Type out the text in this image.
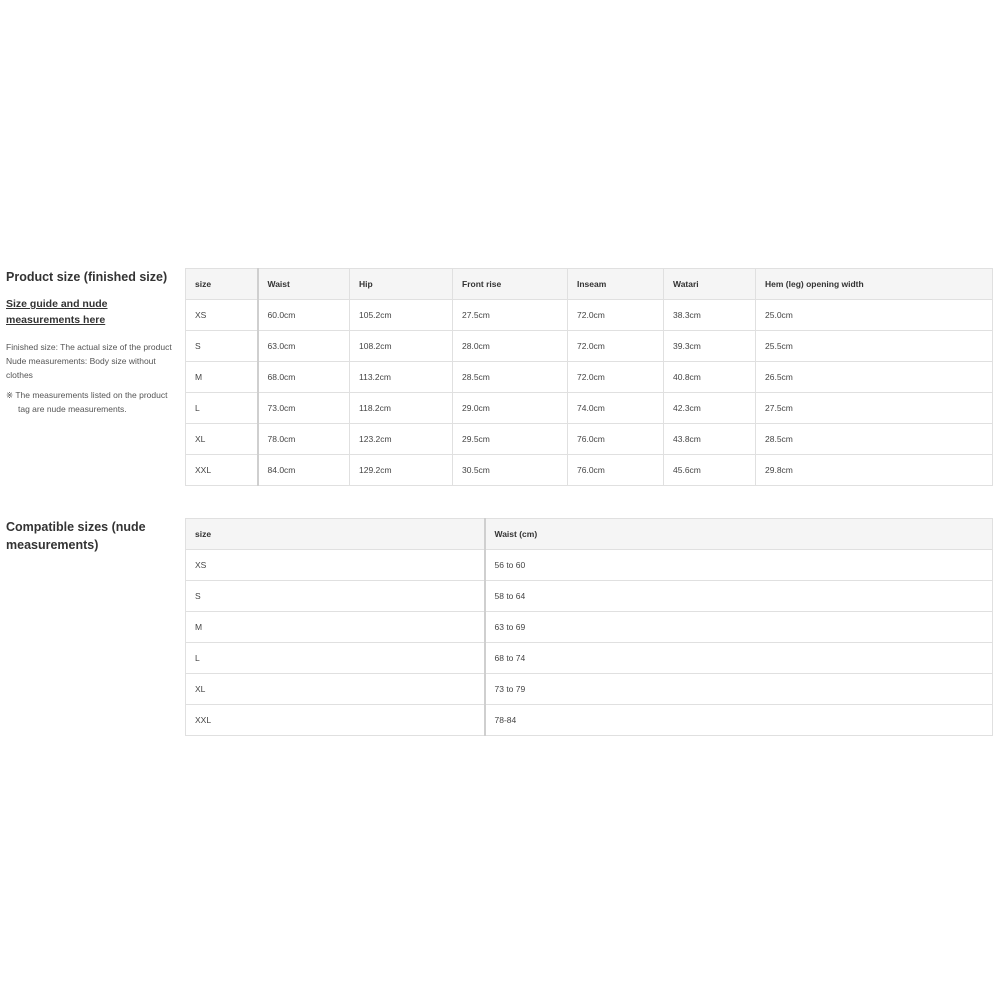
Product size (finished size)
Size guide and nude measurements here

Finished size: The actual size of the product

Nude measurements: Body size without clothes

※ The measurements listed on the product tag are nude measurements.
size	Waist	Hip	Front rise	Inseam	Watari	Hem (leg) opening width
XS	60.0cm	105.2cm	27.5cm	72.0cm	38.3cm	25.0cm
S	63.0cm	108.2cm	28.0cm	72.0cm	39.3cm	25.5cm
M	68.0cm	113.2cm	28.5cm	72.0cm	40.8cm	26.5cm
L	73.0cm	118.2cm	29.0cm	74.0cm	42.3cm	27.5cm
XL	78.0cm	123.2cm	29.5cm	76.0cm	43.8cm	28.5cm
XXL	84.0cm	129.2cm	30.5cm	76.0cm	45.6cm	29.8cm
Compatible sizes (nude measurements)
size	Waist (cm)
XS	56 to 60
S	58 to 64
M	63 to 69
L	68 to 74
XL	73 to 79
XXL	78-84
